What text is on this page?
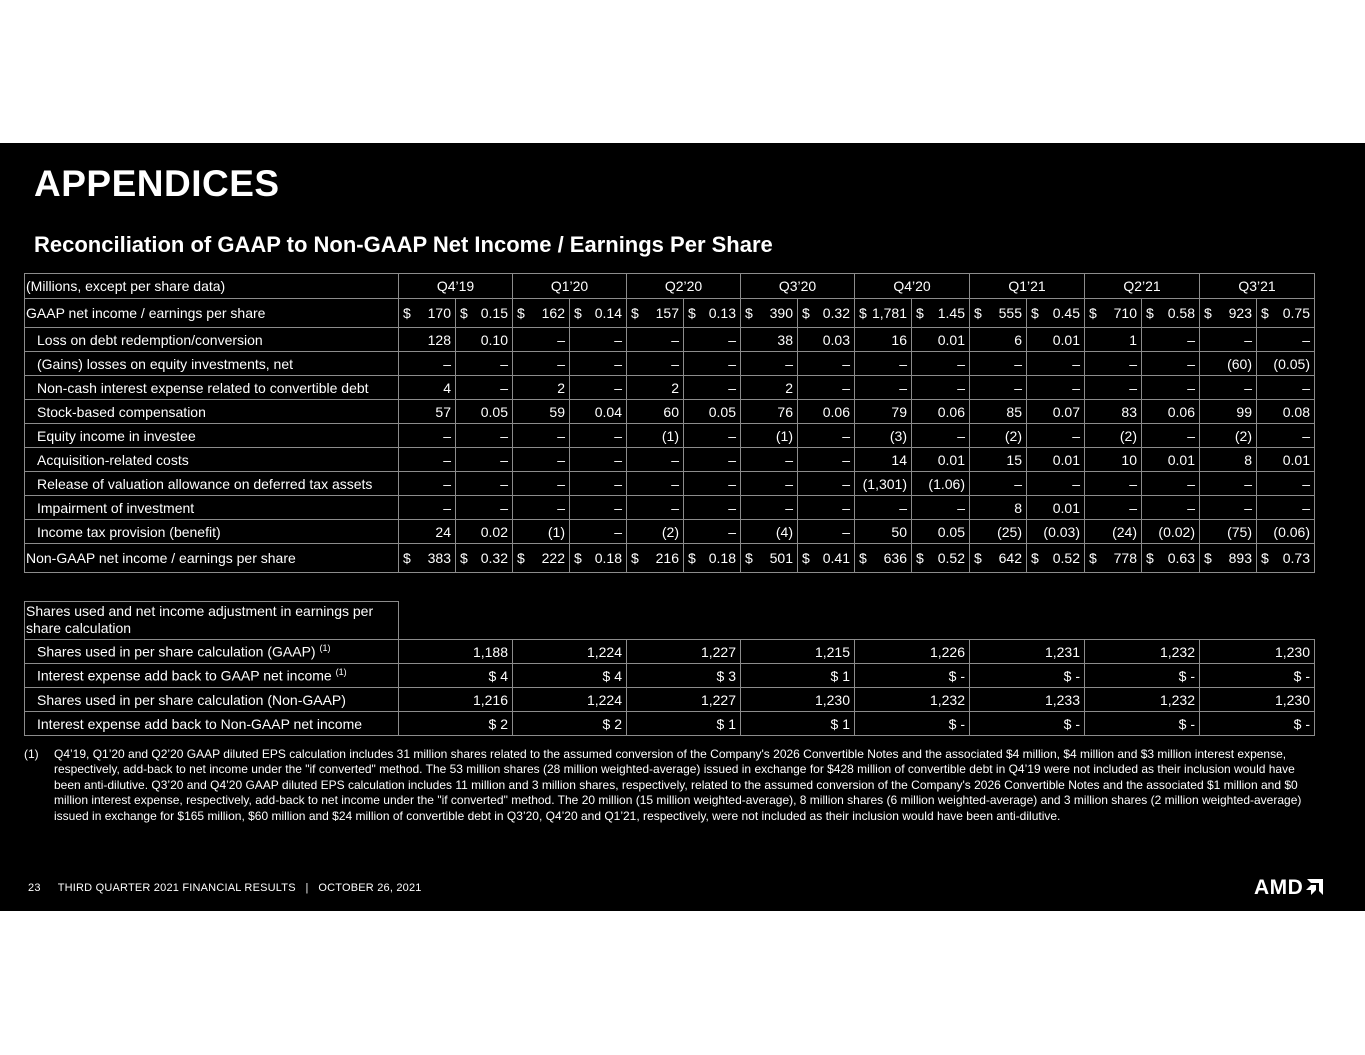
APPENDICES
Reconciliation of GAAP to Non-GAAP Net Income / Earnings Per Share
(Millions, except per share data)	Q4’19		Q1’20		Q2’20		Q3’20		Q4’20		Q1’21		Q2’21		Q3’21	
GAAP net income / earnings per share	$ 170	$ 0.15	$ 162	$ 0.14	$ 157	$ 0.13	$ 390	$ 0.32	$ 1,781	$ 1.45	$ 555	$ 0.45	$ 710	$ 0.58	$ 923	$ 0.75

Loss on debt redemption/conversion	128	0.10	–	–	–	–	38	0.03	16	0.01	6	0.01	1	–	–	–
(Gains) losses on equity investments, net	–	–	–	–	–	–	–	–	–	–	–	–	–	–	(60)	(0.05)
Non-cash interest expense related to convertible debt	4	–	2	–	2	–	2	–	–	–	–	–	–	–	–	–
Stock-based compensation	57	0.05	59	0.04	60	0.05	76	0.06	79	0.06	85	0.07	83	0.06	99	0.08
Equity income in investee	–	–	–	–	(1)	–	(1)	–	(3)	–	(2)	–	(2)	–	(2)	–
Acquisition-related costs	–	–	–	–	–	–	–	–	14	0.01	15	0.01	10	0.01	8	0.01
Release of valuation allowance on deferred tax assets	–	–	–	–	–	–	–	–	(1,301)	(1.06)	–	–	–	–	–	–
Impairment of investment	–	–	–	–	–	–	–	–	–	–	8	0.01	–	–	–	–
Income tax provision (benefit)	24	0.02	(1)	–	(2)	–	(4)	–	50	0.05	(25)	(0.03)	(24)	(0.02)	(75)	(0.06)
Non-GAAP net income / earnings per share	$ 383	$ 0.32	$ 222	$ 0.18	$ 216	$ 0.18	$ 501	$ 0.41	$ 636	$ 0.52	$ 642	$ 0.52	$ 778	$ 0.63	$ 893	$ 0.73
Shares used and net income adjustment in earnings per share calculation								
Shares used in per share calculation (GAAP) $^{(1)}$	1,188	1,224	1,227	1,215	1,226	1,231	1,232	1,230
Interest expense add back to GAAP net income $^{(1)}$	$ 4	$ 4	$ 3	$ 1	$ -	$ -	$ -	$ -
Shares used in per share calculation (Non-GAAP)	1,216	1,224	1,227	1,230	1,232	1,233	1,232	1,230
Interest expense add back to Non-GAAP net income	$ 2	$ 2	$ 1	$ 1	$ -	$ -	$ -	$ -
(1) Q4’19, Q1’20 and Q2’20 GAAP diluted EPS calculation includes 31 million shares related to the assumed conversion of the Company's 2026 Convertible Notes and the associated $4 million, $4 million and $3 million interest expense, respectively, add-back to net income under the "if converted" method. The 53 million shares (28 million weighted-average) issued in exchange for $428 million of convertible debt in Q4’19 were not included as their inclusion would have been anti-dilutive. Q3’20 and Q4’20 GAAP diluted EPS calculation includes 11 million and 3 million shares, respectively, related to the assumed conversion of the Company's 2026 Convertible Notes and the associated $1 million and $0 million interest expense, respectively, add-back to net income under the "if converted" method. The 20 million (15 million weighted-average), 8 million shares (6 million weighted-average) and 3 million shares (2 million weighted-average) issued in exchange for $165 million, $60 million and $24 million of convertible debt in Q3’20, Q4’20 and Q1’21, respectively, were not included as their inclusion would have been anti-dilutive.
23 THIRD QUARTER 2021 FINANCIAL RESULTS   |   OCTOBER 26, 2021	AMD
